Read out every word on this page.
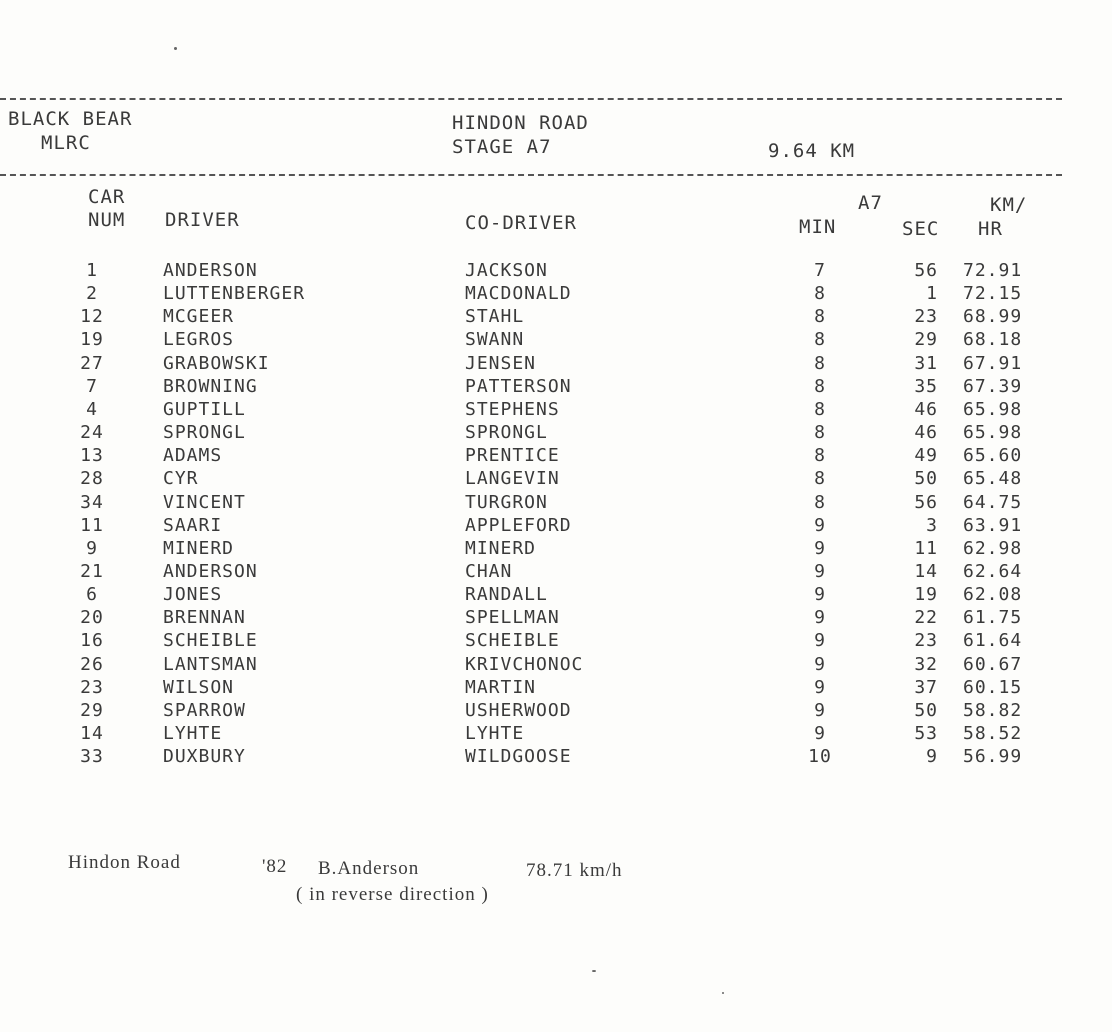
BLACK BEAR
MLRC
HINDON ROAD
STAGE A7	9.64 KM
CAR
NUM DRIVER	CO-DRIVER
A7
MIN	SEC
KM/
HR
1	ANDERSON	JACKSON	7	56 72.91
2	LUTTENBERGER	MACDONALD	8	1 72.15
12	MCGEER	STAHL	8	23 68.99
19	LEGROS	SWANN	8	29 68.18
27	GRABOWSKI	JENSEN	8	31 67.91
7	BROWNING	PATTERSON	8	35 67.39
4	GUPTILL	STEPHENS	8	46 65.98
24	SPRONGL	SPRONGL	8	46 65.98
13	ADAMS	PRENTICE	8	49 65.60
28	CYR	LANGEVIN	8	50 65.48
34	VINCENT	TURGRON	8	56 64.75
11	SAARI	APPLEFORD	9	3 63.91
9	MINERD	MINERD	9	11 62.98
21	ANDERSON	CHAN	9	14 62.64
6	JONES	RANDALL	9	19 62.08
20	BRENNAN	SPELLMAN	9	22 61.75
16	SCHEIBLE	SCHEIBLE	9	23 61.64
26	LANTSMAN	KRIVCHONOC	9	32 60.67
23	WILSON	MARTIN	9	37 60.15
29	SPARROW	USHERWOOD	9	50 58.82
14	LYHTE	LYHTE	9	53 58.52
33	DUXBURY	WILDGOOSE	10	9 56.99
Hindon Road	'82 B.Anderson	78.71 km/h
( in reverse direction )
